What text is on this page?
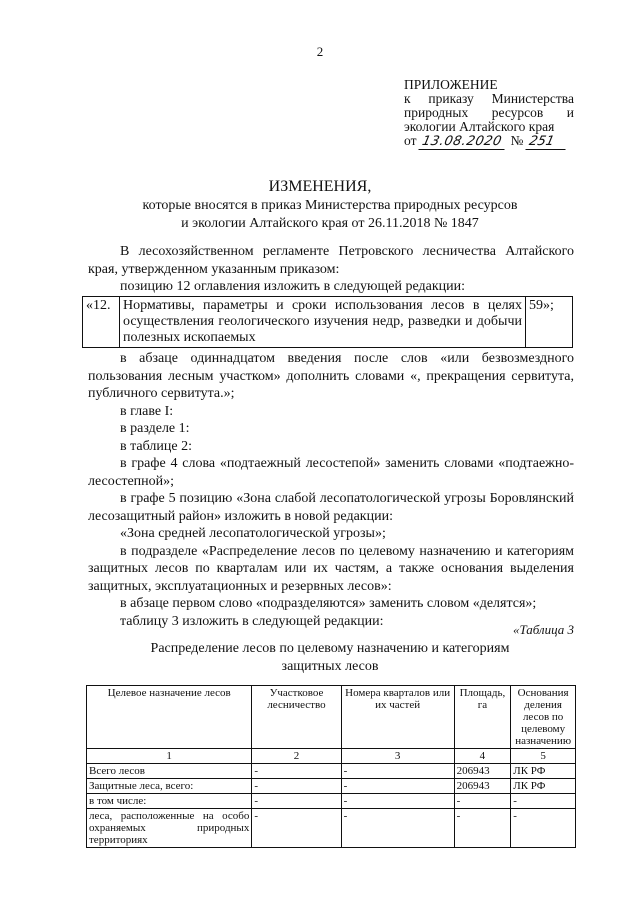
2
ПРИЛОЖЕНИЕ
к приказу Министерства
природных ресурсов и
экологии Алтайского края
от 13.08.2020 № 251
ИЗМЕНЕНИЯ,
которые вносятся в приказ Министерства природных ресурсов
и экологии Алтайского края от 26.11.2018 № 1847

В лесохозяйственном регламенте Петровского лесничества Алтайского края, утвержденном указанным приказом:

позицию 12 оглавления изложить в следующей редакции:

«12.	Нормативы, параметры и сроки использования лесов в целях осуществления геологического изучения недр, разведки и добычи полезных ископаемых	59»;

в абзаце одиннадцатом введения после слов «или безвозмездного пользования лесным участком» дополнить словами «, прекращения сервитута, публичного сервитута.»;

в главе I:

в разделе 1:

в таблице 2:

в графе 4 слова «подтаежный лесостепой» заменить словами «подтаежно-лесостепной»;

в графе 5 позицию «Зона слабой лесопатологической угрозы Боровлянский лесозащитный район» изложить в новой редакции:

«Зона средней лесопатологической угрозы»;

в подразделе «Распределение лесов по целевому назначению и категориям защитных лесов по кварталам или их частям, а также основания выделения защитных, эксплуатационных и резервных лесов»:

в абзаце первом слово «подразделяются» заменить словом «делятся»;

таблицу 3 изложить в следующей редакции:

«Таблица 3
Распределение лесов по целевому назначению и категориям защитных лесов
Целевое назначение лесов	Участковое лесничество	Номера кварталов или их частей	Площадь, га	Основания деления лесов по целевому назначению
1	2	3	4	5
Всего лесов	-	-	206943	ЛК РФ
Защитные леса, всего:	-	-	206943	ЛК РФ
в том числе:	-	-	-	-
леса, расположенные на особо охраняемых природных территориях	-	-	-	-
